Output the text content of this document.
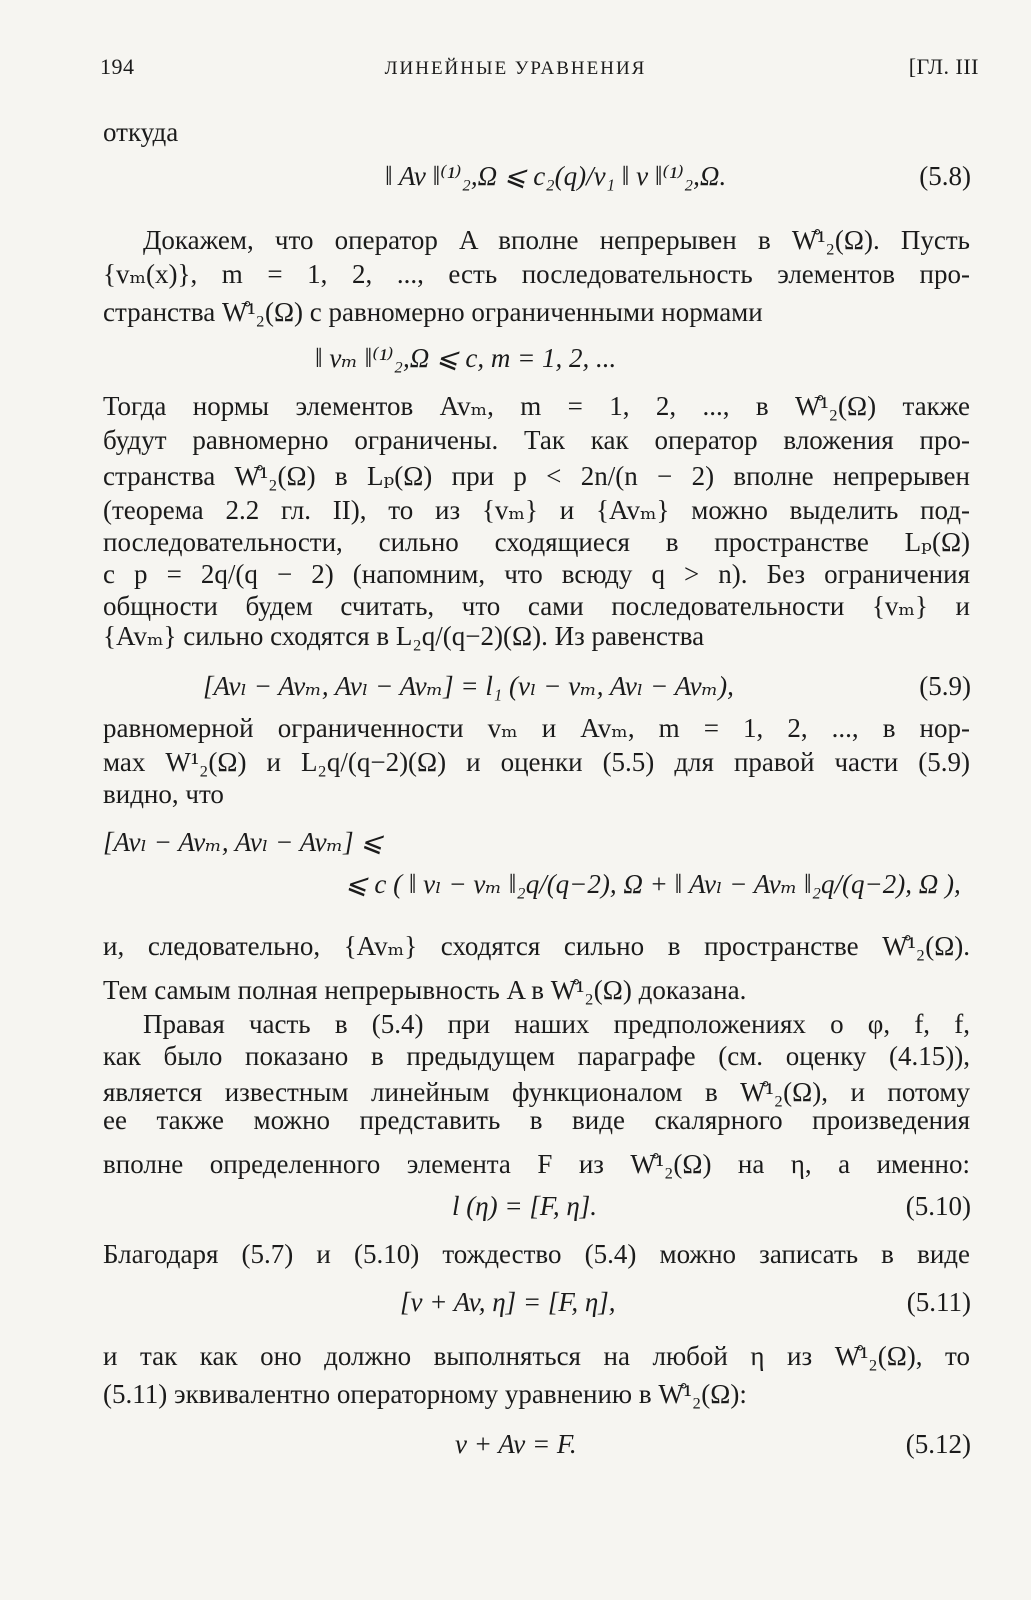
194	ЛИНЕЙНЫЕ УРАВНЕНИЯ	[ГЛ. III
откуда
‖ Av ‖⁽¹⁾₂,Ω ⩽ c₂(q)/ν₁ ‖ v ‖⁽¹⁾₂,Ω.	(5.8)
Докажем, что оператор A вполне непрерывен в W̊¹₂(Ω). Пусть
{vₘ(x)}, m = 1, 2, ..., есть последовательность элементов про-
странства W̊¹₂(Ω) с равномерно ограниченными нормами
‖ vₘ ‖⁽¹⁾₂,Ω ⩽ c, m = 1, 2, ...
Тогда нормы элементов Avₘ, m = 1, 2, ..., в W̊¹₂(Ω) также
будут равномерно ограничены. Так как оператор вложения про-
странства W̊¹₂(Ω) в Lₚ(Ω) при p < 2n/(n − 2) вполне непрерывен
(теорема 2.2 гл. II), то из {vₘ} и {Avₘ} можно выделить под-
последовательности, сильно сходящиеся в пространстве Lₚ(Ω)
с p = 2q/(q − 2) (напомним, что всюду q > n). Без ограничения
общности будем считать, что сами последовательности {vₘ} и
{Avₘ} сильно сходятся в L₂q/(q−2)(Ω). Из равенства
[Avₗ − Avₘ, Avₗ − Avₘ] = l₁ (vₗ − vₘ, Avₗ − Avₘ),	(5.9)
равномерной ограниченности vₘ и Avₘ, m = 1, 2, ..., в нор-
мах W¹₂(Ω) и L₂q/(q−2)(Ω) и оценки (5.5) для правой части (5.9)
видно, что
[Avₗ − Avₘ, Avₗ − Avₘ] ⩽
⩽ c ( ‖ vₗ − vₘ ‖₂q/(q−2), Ω + ‖ Avₗ − Avₘ ‖₂q/(q−2), Ω ),
и, следовательно, {Avₘ} сходятся сильно в пространстве W̊¹₂(Ω).
Тем самым полная непрерывность A в W̊¹₂(Ω) доказана.
Правая часть в (5.4) при наших предположениях о φ, f, f,
как было показано в предыдущем параграфе (см. оценку (4.15)),
является известным линейным функционалом в W̊¹₂(Ω), и потому
ее также можно представить в виде скалярного произведения
вполне определенного элемента F из W̊¹₂(Ω) на η, а именно:
l (η) = [F, η].	(5.10)
Благодаря (5.7) и (5.10) тождество (5.4) можно записать в виде
[v + Av, η] = [F, η],	(5.11)
и так как оно должно выполняться на любой η из W̊¹₂(Ω), то
(5.11) эквивалентно операторному уравнению в W̊¹₂(Ω):
v + Av = F.	(5.12)
